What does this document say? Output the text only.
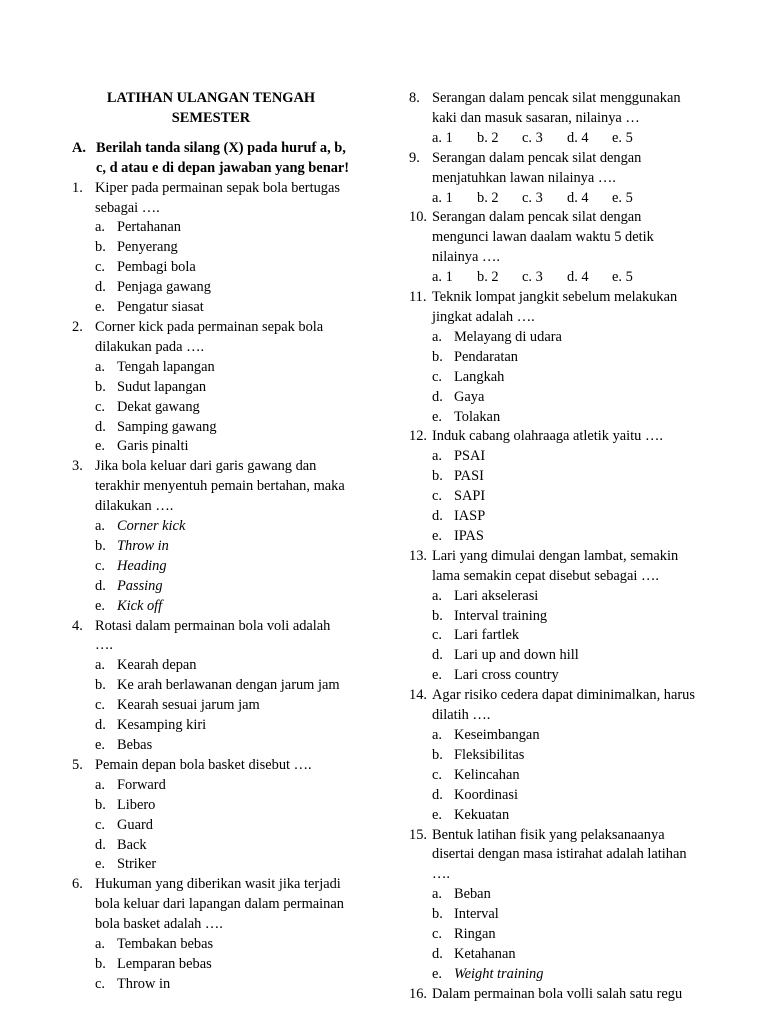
LATIHAN ULANGAN TENGAH
SEMESTER
A. Berilah tanda silang (X) pada huruf a, b, c, d atau e di depan jawaban yang benar!
1. Kiper pada permainan sepak bola bertugas sebagai ….
a. Pertahanan
b. Penyerang
c. Pembagi bola
d. Penjaga gawang
e. Pengatur siasat
2. Corner kick pada permainan sepak bola dilakukan pada ….
a. Tengah lapangan
b. Sudut lapangan
c. Dekat gawang
d. Samping gawang
e. Garis pinalti
3. Jika bola keluar dari garis gawang dan terakhir menyentuh pemain bertahan, maka dilakukan ….
a. Corner kick
b. Throw in
c. Heading
d. Passing
e. Kick off
4. Rotasi dalam permainan bola voli adalah ….
a. Kearah depan
b. Ke arah berlawanan dengan jarum jam
c. Kearah sesuai jarum jam
d. Kesamping kiri
e. Bebas
5. Pemain depan bola basket disebut ….
a. Forward
b. Libero
c. Guard
d. Back
e. Striker
6. Hukuman yang diberikan wasit jika terjadi bola keluar dari lapangan dalam permainan bola basket adalah ….
a. Tembakan bebas
b. Lemparan bebas
c. Throw in
8. Serangan dalam pencak silat menggunakan kaki dan masuk sasaran, nilainya …
a. 1	b. 2	c. 3	d. 4	e. 5
9. Serangan dalam pencak silat dengan menjatuhkan lawan nilainya ….
a. 1	b. 2	c. 3	d. 4	e. 5
10. Serangan dalam pencak silat dengan mengunci lawan daalam waktu 5 detik nilainya ….
a. 1	b. 2	c. 3	d. 4	e. 5
11. Teknik lompat jangkit sebelum melakukan jingkat adalah ….
a. Melayang di udara
b. Pendaratan
c. Langkah
d. Gaya
e. Tolakan
12. Induk cabang olahraaga atletik yaitu ….
a. PSAI
b. PASI
c. SAPI
d. IASP
e. IPAS
13. Lari yang dimulai dengan lambat, semakin lama semakin cepat disebut sebagai ….
a. Lari akselerasi
b. Interval training
c. Lari fartlek
d. Lari up and down hill
e. Lari cross country
14. Agar risiko cedera dapat diminimalkan, harus dilatih ….
a. Keseimbangan
b. Fleksibilitas
c. Kelincahan
d. Koordinasi
e. Kekuatan
15. Bentuk latihan fisik yang pelaksanaanya disertai dengan masa istirahat adalah latihan ….
a. Beban
b. Interval
c. Ringan
d. Ketahanan
e. Weight training
16. Dalam permainan bola volli salah satu regu
